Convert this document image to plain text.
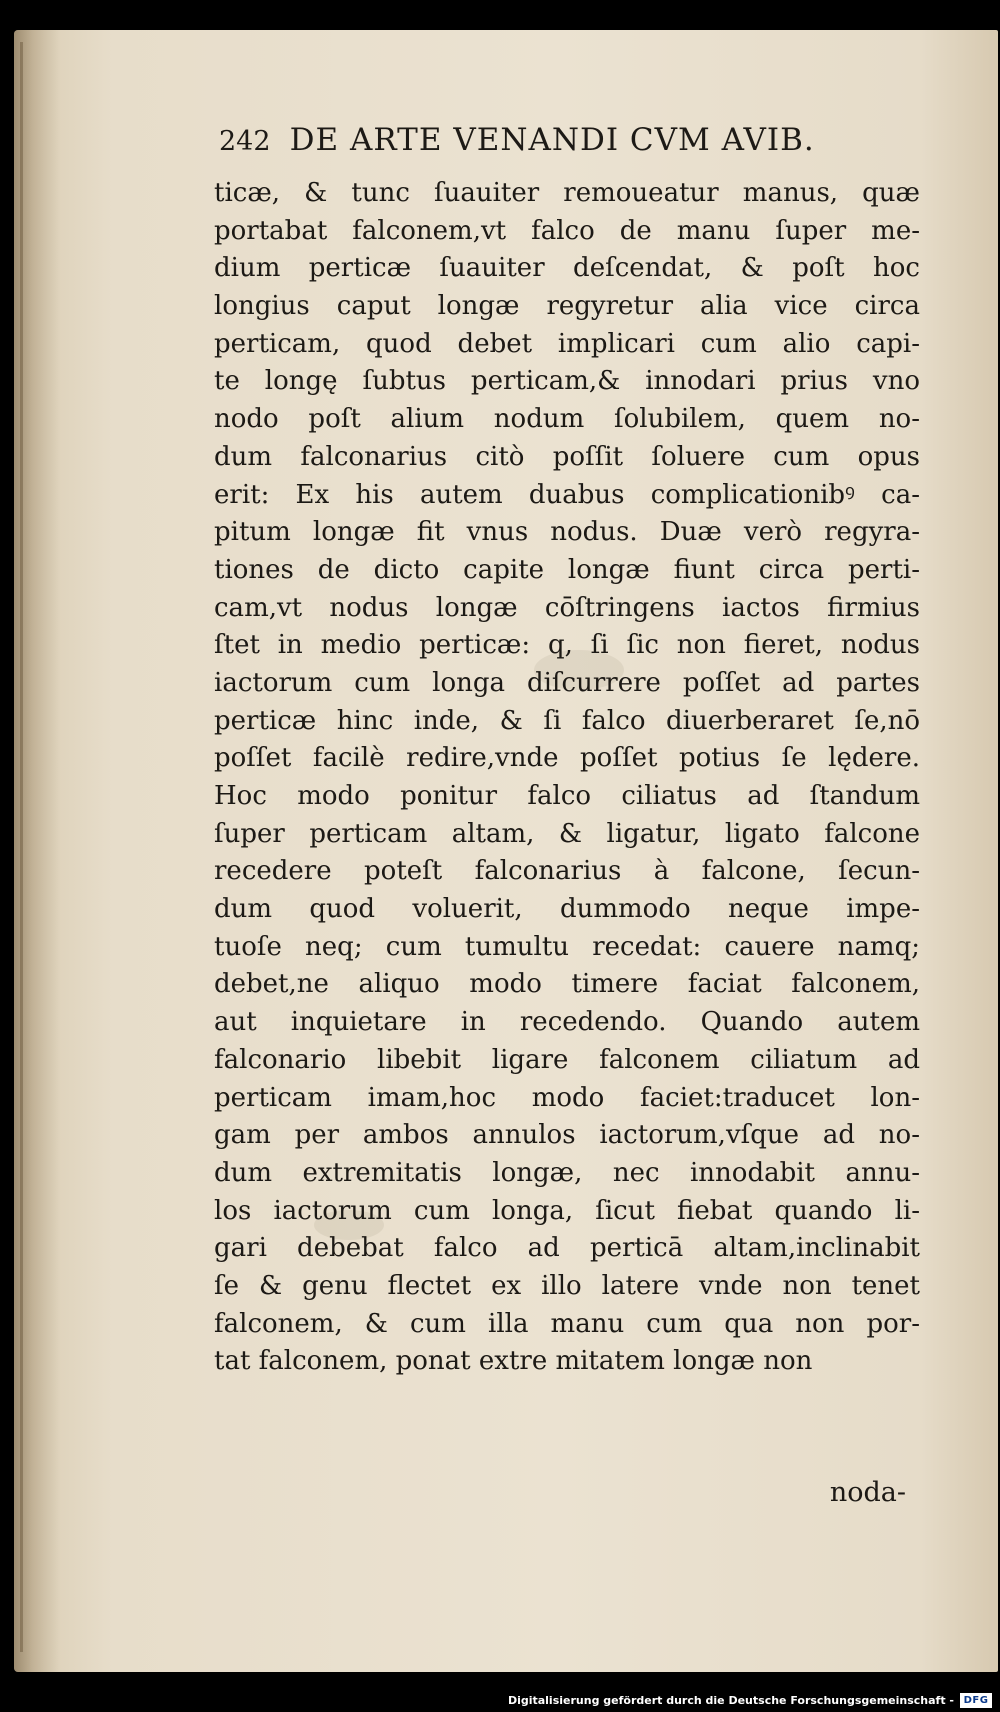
242 DE ARTE VENANDI CVM AVIB.
ticæ, & tunc ſuauiter remoueatur manus, quæ
portabat falconem,vt falco de manu ſuper me-
dium perticæ ſuauiter deſcendat, & poſt hoc
longius caput longæ regyretur alia vice circa
perticam, quod debet implicari cum alio capi-
te longę ſubtus perticam,& innodari prius vno
nodo poſt alium nodum ſolubilem, quem no-
dum falconarius citò poſſit ſoluere cum opus
erit: Ex his autem duabus complicationibꝰ ca-
pitum longæ fit vnus nodus. Duæ verò regyra-
tiones de dicto capite longæ fiunt circa perti-
cam,vt nodus longæ cōſtringens iactos firmius
ſtet in medio perticæ: q, ſi ſic non fieret, nodus
iactorum cum longa diſcurrere poſſet ad partes
perticæ hinc inde, & ſi falco diuerberaret ſe,nō
poſſet facilè redire,vnde poſſet potius ſe lędere.
Hoc modo ponitur falco ciliatus ad ſtandum
ſuper perticam altam, & ligatur, ligato falcone
recedere poteſt falconarius à falcone, ſecun-
dum quod voluerit, dummodo neque impe-
tuoſe neq; cum tumultu recedat: cauere namq;
debet,ne aliquo modo timere faciat falconem,
aut inquietare in recedendo. Quando autem
falconario libebit ligare falconem ciliatum ad
perticam imam,hoc modo faciet:traducet lon-
gam per ambos annulos iactorum,vſque ad no-
dum extremitatis longæ, nec innodabit annu-
los iactorum cum longa, ſicut fiebat quando li-
gari debebat falco ad perticā altam,inclinabit
ſe & genu flectet ex illo latere vnde non tenet
falconem, & cum illa manu cum qua non por-
tat falconem, ponat extre mitatem longæ non
noda-
Digitalisierung gefördert durch die Deutsche Forschungsgemeinschaft - DFG
